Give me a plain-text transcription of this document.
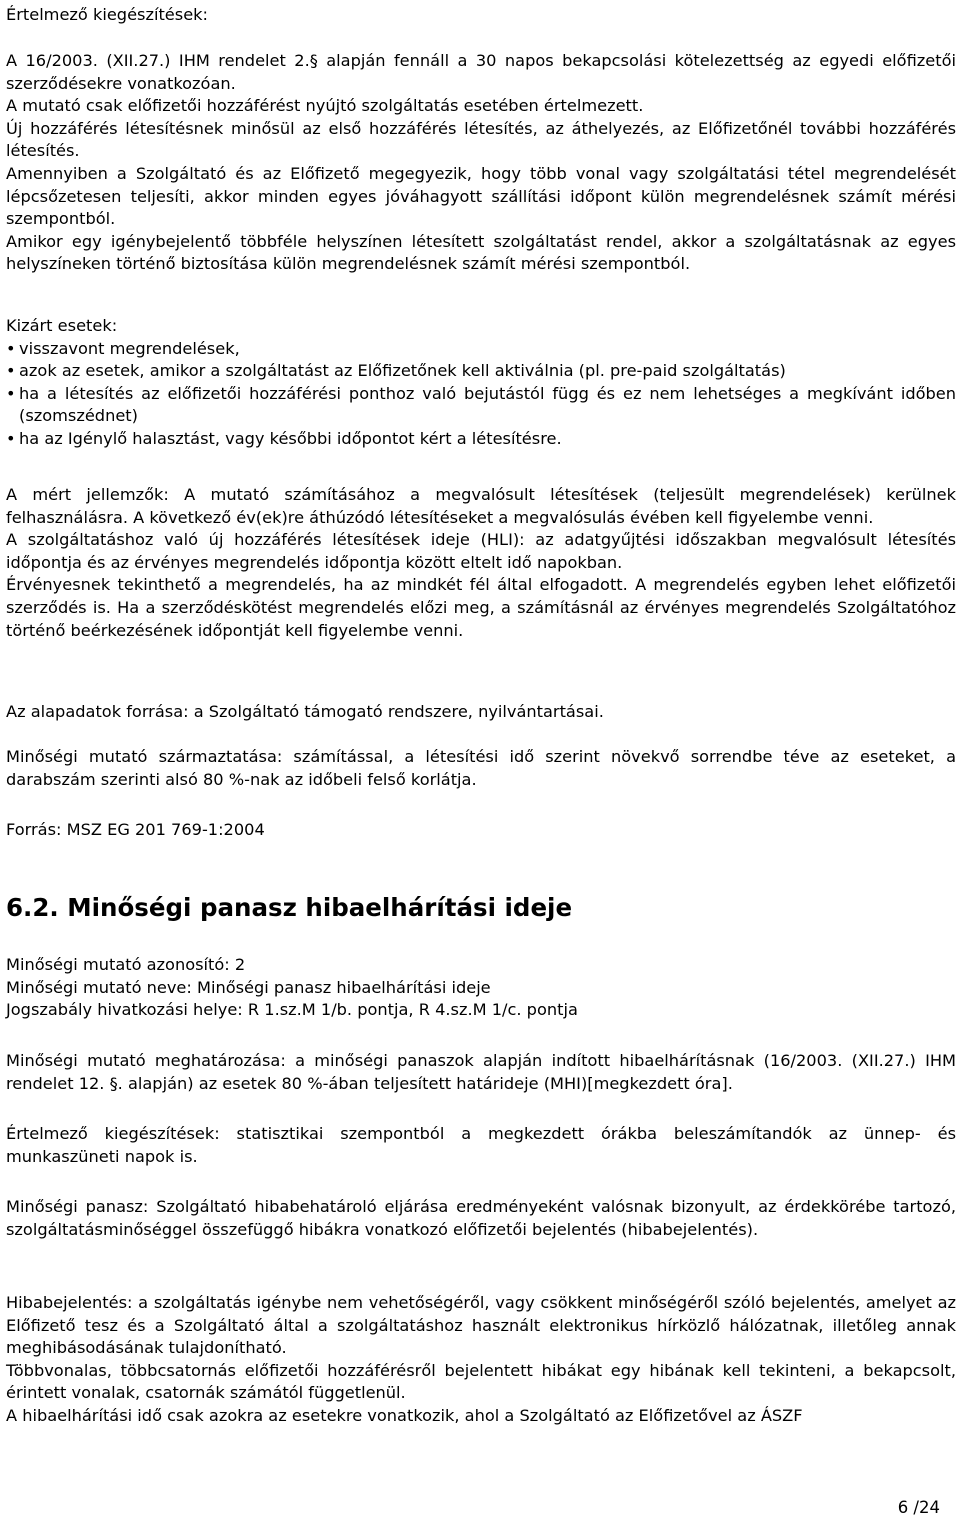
Értelmező kiegészítések:

A 16/2003. (XII.27.) IHM rendelet 2.§ alapján fennáll a 30 napos bekapcsolási kötelezettség az egyedi előfizetői szerződésekre vonatkozóan.

A mutató csak előfizetői hozzáférést nyújtó szolgáltatás esetében értelmezett.

Új hozzáférés létesítésnek minősül az első hozzáférés létesítés, az áthelyezés, az Előfizetőnél további hozzáférés létesítés.

Amennyiben a Szolgáltató és az Előfizető megegyezik, hogy több vonal vagy szolgáltatási tétel megrendelését lépcsőzetesen teljesíti, akkor minden egyes jóváhagyott szállítási időpont külön megrendelésnek számít mérési szempontból.

Amikor egy igénybejelentő többféle helyszínen létesített szolgáltatást rendel, akkor a szolgáltatásnak az egyes helyszíneken történő biztosítása külön megrendelésnek számít mérési szempontból.

Kizárt esetek:

• visszavont megrendelések,
• azok az esetek, amikor a szolgáltatást az Előfizetőnek kell aktiválnia (pl. pre-paid szolgáltatás)
• ha a létesítés az előfizetői hozzáférési ponthoz való bejutástól függ és ez nem lehetséges a megkívánt időben (szomszédnet)
• ha az Igénylő halasztást, vagy későbbi időpontot kért a létesítésre.

A mért jellemzők: A mutató számításához a megvalósult létesítések (teljesült megrendelések) kerülnek felhasználásra. A következő év(ek)re áthúzódó létesítéseket a megvalósulás évében kell figyelembe venni.

A szolgáltatáshoz való új hozzáférés létesítések ideje (HLI): az adatgyűjtési időszakban megvalósult létesítés időpontja és az érvényes megrendelés időpontja között eltelt idő napokban.

Érvényesnek tekinthető a megrendelés, ha az mindkét fél által elfogadott. A megrendelés egyben lehet előfizetői szerződés is. Ha a szerződéskötést megrendelés előzi meg, a számításnál az érvényes megrendelés Szolgáltatóhoz történő beérkezésének időpontját kell figyelembe venni.

Az alapadatok forrása: a Szolgáltató támogató rendszere, nyilvántartásai.

Minőségi mutató származtatása: számítással, a létesítési idő szerint növekvő sorrendbe téve az eseteket, a darabszám szerinti alsó 80 %-nak az időbeli felső korlátja.

Forrás: MSZ EG 201 769-1:2004

6.2. Minőségi panasz hibaelhárítási ideje

Minőségi mutató azonosító: 2

Minőségi mutató neve: Minőségi panasz hibaelhárítási ideje

Jogszabály hivatkozási helye: R 1.sz.M 1/b. pontja, R 4.sz.M 1/c. pontja

Minőségi mutató meghatározása: a minőségi panaszok alapján indított hibaelhárításnak (16/2003. (XII.27.) IHM rendelet 12. §. alapján) az esetek 80 %-ában teljesített határideje (MHI)[megkezdett óra].

Értelmező kiegészítések: statisztikai szempontból a megkezdett órákba beleszámítandók az ünnep- és munkaszüneti napok is.

Minőségi panasz: Szolgáltató hibabehatároló eljárása eredményeként valósnak bizonyult, az érdekkörébe tartozó, szolgáltatásminőséggel összefüggő hibákra vonatkozó előfizetői bejelentés (hibabejelentés).

Hibabejelentés: a szolgáltatás igénybe nem vehetőségéről, vagy csökkent minőségéről szóló bejelentés, amelyet az Előfizető tesz és a Szolgáltató által a szolgáltatáshoz használt elektronikus hírközlő hálózatnak, illetőleg annak meghibásodásának tulajdonítható.

Többvonalas, többcsatornás előfizetői hozzáférésről bejelentett hibákat egy hibának kell tekinteni, a bekapcsolt, érintett vonalak, csatornák számától függetlenül.

A hibaelhárítási idő csak azokra az esetekre vonatkozik, ahol a Szolgáltató az Előfizetővel az ÁSZF

6 /24
